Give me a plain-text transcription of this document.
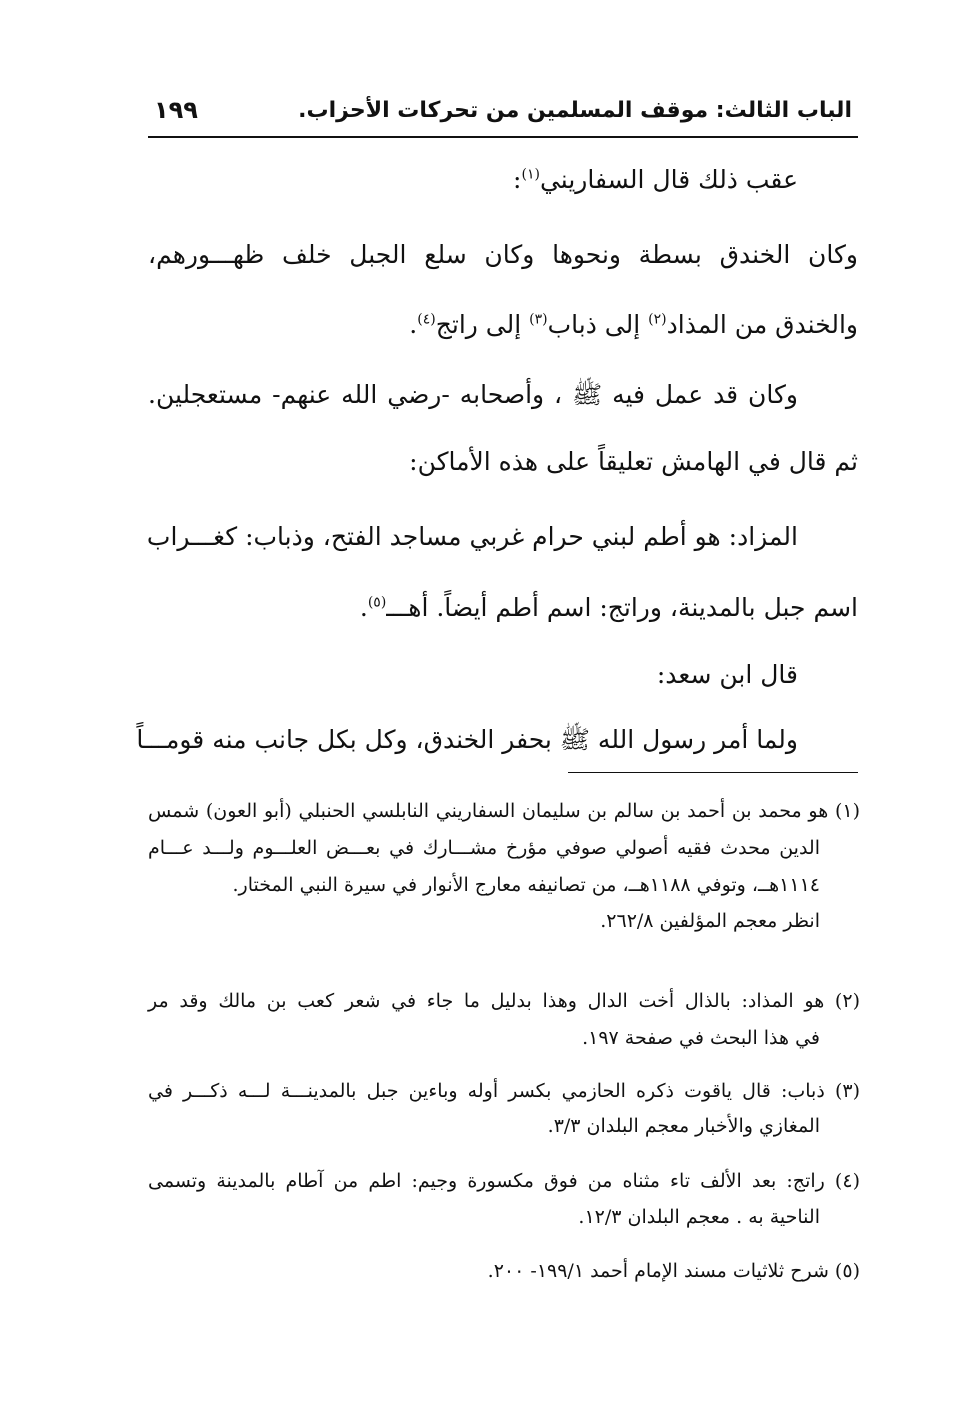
الباب الثالث: موقف المسلمين من تحركات الأحزاب.
١٩٩
عقب ذلك قال السفاريني$^{(١)}$:
وكان الخندق بسطة ونحوها وكان سلع الجبل خلف ظهـــورهم،
والخندق من المذاد$^{(٢)}$ إلى ذباب$^{(٣)}$ إلى راتج$^{(٤)}$.
وكان قد عمل فيه ﷺ ، وأصحابه -رضي الله عنهم- مستعجلين.
ثم قال في الهامش تعليقاً على هذه الأماكن:
المزاد: هو أطم لبني حرام غربي مساجد الفتح، وذباب: كغـــراب
اسم جبل بالمدينة، وراتج: اسم أطم أيضاً. أهـــ$^{(٥)}$.
قال ابن سعد:
ولما أمر رسول الله ﷺ بحفر الخندق، وكل بكل جانب منه قومـــاً
(١) هو محمد بن أحمد بن سالم بن سليمان السفاريني النابلسي الحنبلي (أبو العون) شمس
الدين محدث فقيه أصولي صوفي مؤرخ مشـــارك في بعـــض العلـــوم ولـــد عـــام
١١١٤هــ، وتوفي ١١٨٨هــ، من تصانيفه معارج الأنوار في سيرة النبي المختار.
انظر معجم المؤلفين ٢٦٢/٨.
(٢) هو المذاد: بالذال أخت الدال وهذا بدليل ما جاء في شعر كعب بن مالك وقد مر
في هذا البحث في صفحة ١٩٧.
(٣) ذباب: قال ياقوت ذكره الحازمي بكسر أوله وباءين جبل بالمدينـــة لـــه ذكـــر في
المغازي والأخبار معجم البلدان ٣/٣.
(٤) راتج: بعد الألف تاء مثناه من فوق مكسورة وجيم: اطم من آطام بالمدينة وتسمى
الناحية به . معجم البلدان ١٢/٣.
(٥) شرح ثلاثيات مسند الإمام أحمد ١٩٩/١- ٢٠٠.
